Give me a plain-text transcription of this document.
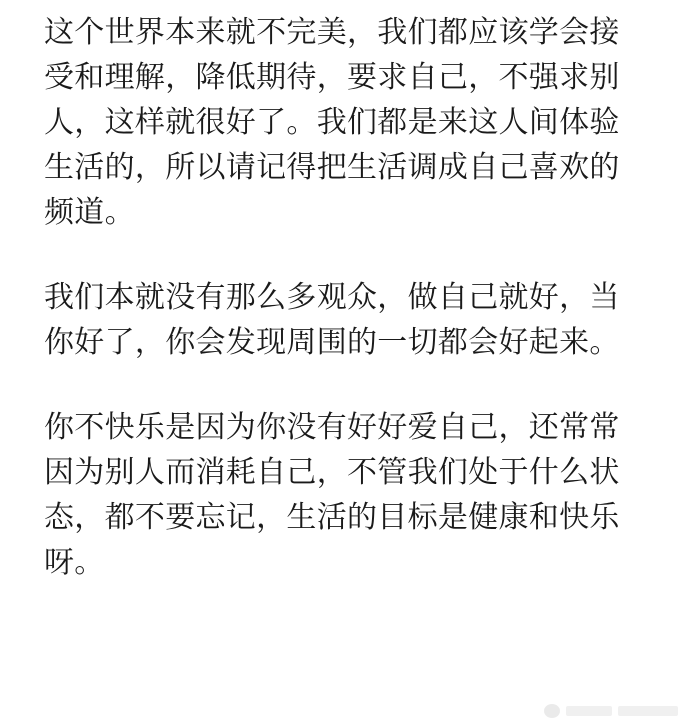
这个世界本来就不完美，我们都应该学会接
受和理解，降低期待，要求自己，不强求别
人，这样就很好了。我们都是来这人间体验
生活的，所以请记得把生活调成自己喜欢的
频道。
我们本就没有那么多观众，做自己就好，当
你好了，你会发现周围的一切都会好起来。
你不快乐是因为你没有好好爱自己，还常常
因为别人而消耗自己，不管我们处于什么状
态，都不要忘记，生活的目标是健康和快乐
呀。
